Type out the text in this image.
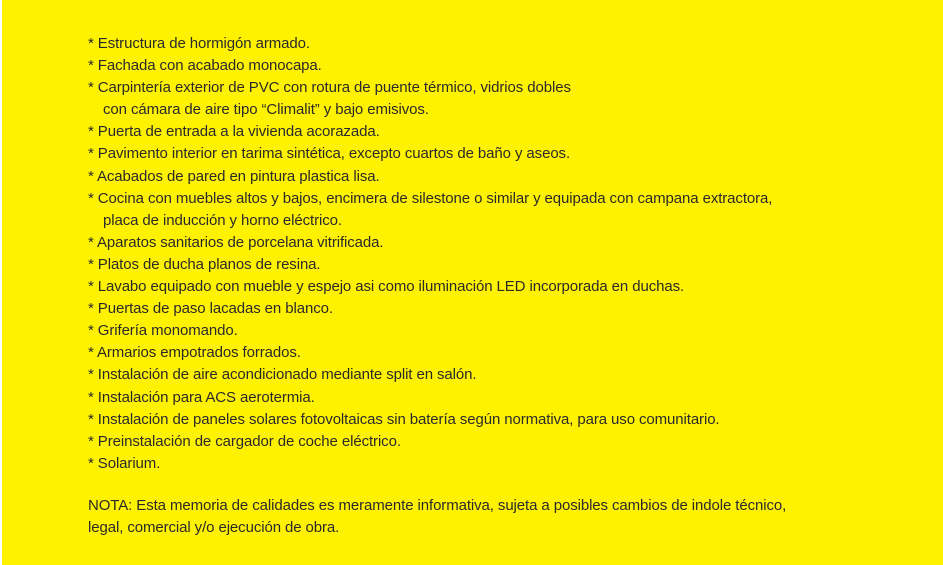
* Estructura de hormigón armado.
* Fachada con acabado monocapa.
* Carpintería exterior de PVC con rotura de puente térmico, vidrios dobles
con cámara de aire tipo “Climalit” y bajo emisivos.
* Puerta de entrada a la vivienda acorazada.
* Pavimento interior en tarima sintética, excepto cuartos de baño y aseos.
* Acabados de pared en pintura plastica lisa.
* Cocina con muebles altos y bajos, encimera de silestone o similar y equipada con campana extractora,
placa de inducción y horno eléctrico.
* Aparatos sanitarios de porcelana vitrificada.
* Platos de ducha planos de resina.
* Lavabo equipado con mueble y espejo asi como iluminación LED incorporada en duchas.
* Puertas de paso lacadas en blanco.
* Grifería monomando.
* Armarios empotrados forrados.
* Instalación de aire acondicionado mediante split en salón.
* Instalación para ACS aerotermia.
* Instalación de paneles solares fotovoltaicas sin batería según normativa, para uso comunitario.
* Preinstalación de cargador de coche eléctrico.
* Solarium.

NOTA: Esta memoria de calidades es meramente informativa, sujeta a posibles cambios de indole técnico,
legal, comercial y/o ejecución de obra.
